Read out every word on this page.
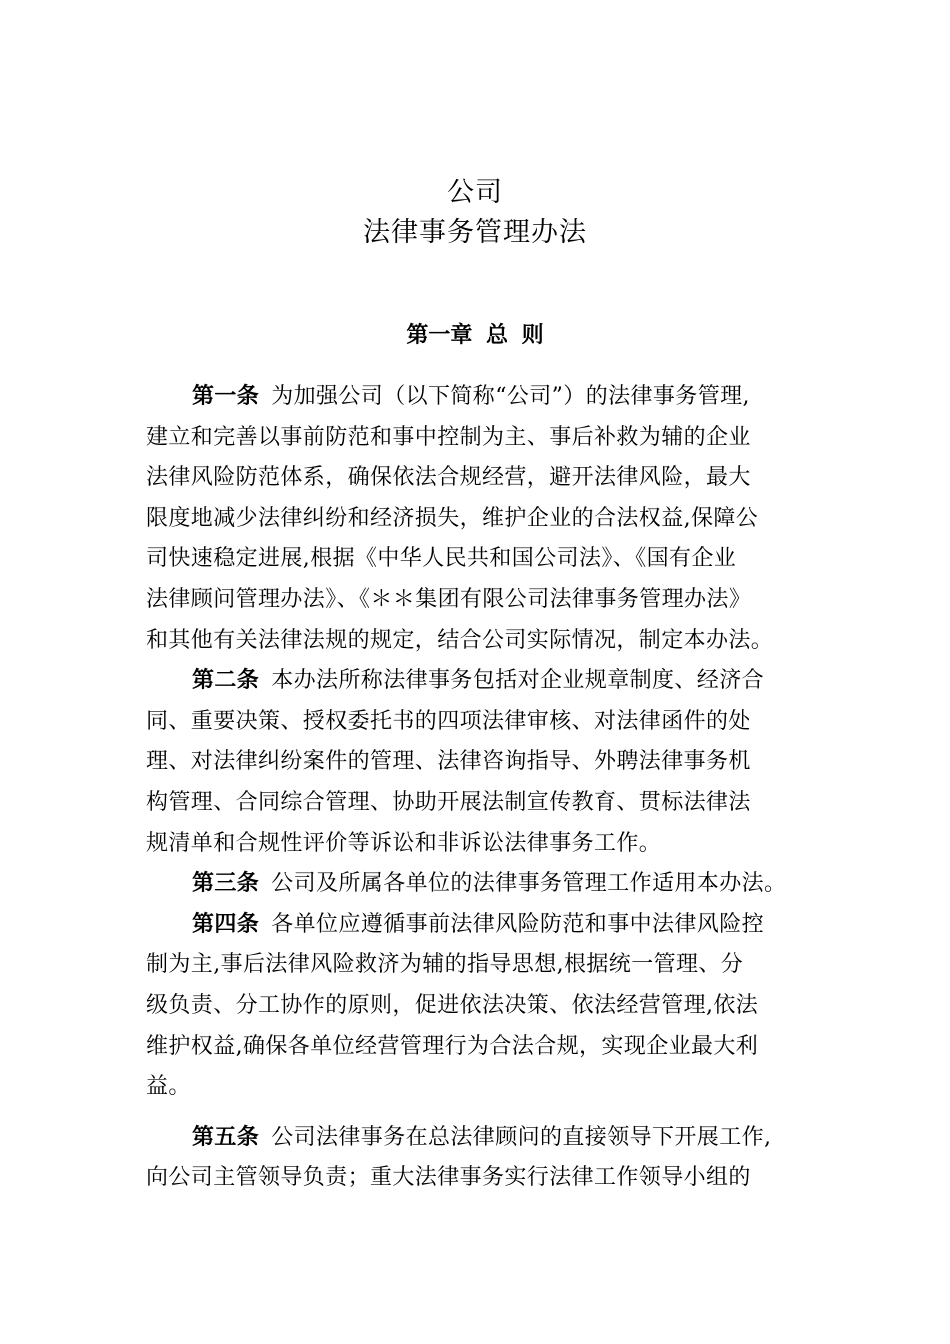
公司
法律事务管理办法
第一章 总 则
第一条 为加强公司（以下简称“公司”）的法律事务管理,
建立和完善以事前防范和事中控制为主、事后补救为辅的企业
法律风险防范体系，确保依法合规经营，避开法律风险，最大
限度地减少法律纠纷和经济损失，维护企业的合法权益,保障公
司快速稳定进展,根据《中华人民共和国公司法》、《国有企业
法律顾问管理办法》、《＊＊集团有限公司法律事务管理办法》
和其他有关法律法规的规定，结合公司实际情况，制定本办法。
第二条 本办法所称法律事务包括对企业规章制度、经济合
同、重要决策、授权委托书的四项法律审核、对法律函件的处
理、对法律纠纷案件的管理、法律咨询指导、外聘法律事务机
构管理、合同综合管理、协助开展法制宣传教育、贯标法律法
规清单和合规性评价等诉讼和非诉讼法律事务工作。
第三条 公司及所属各单位的法律事务管理工作适用本办法。
第四条 各单位应遵循事前法律风险防范和事中法律风险控
制为主,事后法律风险救济为辅的指导思想,根据统一管理、分
级负责、分工协作的原则，促进依法决策、依法经营管理,依法
维护权益,确保各单位经营管理行为合法合规，实现企业最大利
益。
第五条 公司法律事务在总法律顾问的直接领导下开展工作,
向公司主管领导负责；重大法律事务实行法律工作领导小组的
